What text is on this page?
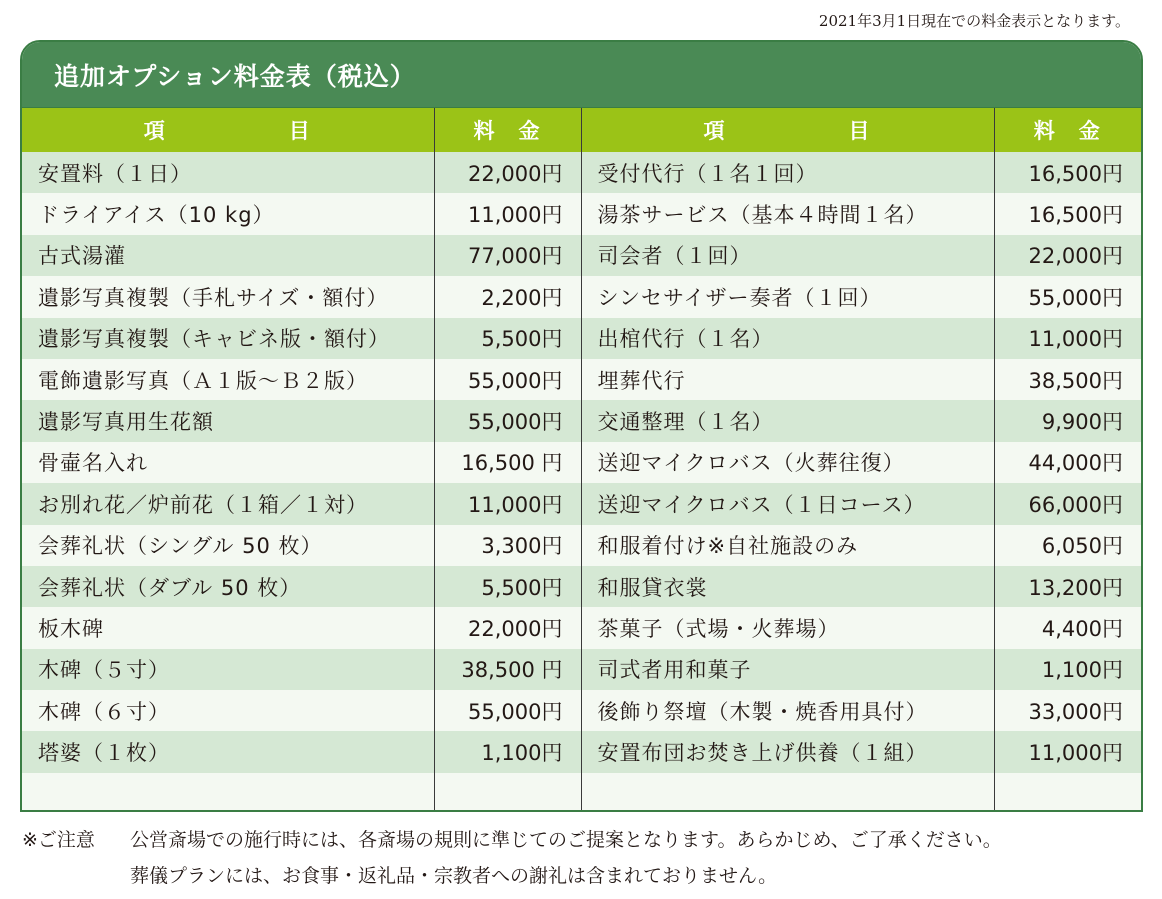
2021年3月1日現在での料金表示となります。
追加オプション料金表（税込）
項 目	料 金	項 目	料 金

安置料（１日）	22,000円	受付代行（１名１回）	16,500円
ドライアイス（10 kg）	11,000円	湯茶サービス（基本４時間１名）	16,500円
古式湯灌	77,000円	司会者（１回）	22,000円
遺影写真複製（手札サイズ・額付）	2,200円	シンセサイザー奏者（１回）	55,000円
遺影写真複製（キャビネ版・額付）	5,500円	出棺代行（１名）	11,000円
電飾遺影写真（Ａ１版〜Ｂ２版）	55,000円	埋葬代行	38,500円
遺影写真用生花額	55,000円	交通整理（１名）	9,900円
骨壷名入れ	16,500 円	送迎マイクロバス（火葬往復）	44,000円
お別れ花／炉前花（１箱／１対）	11,000円	送迎マイクロバス（１日コース）	66,000円
会葬礼状（シングル 50 枚）	3,300円	和服着付け※自社施設のみ	6,050円
会葬礼状（ダブル 50 枚）	5,500円	和服貸衣裳	13,200円
板木碑	22,000円	茶菓子（式場・火葬場）	4,400円
木碑（５寸）	38,500 円	司式者用和菓子	1,100円
木碑（６寸）	55,000円	後飾り祭壇（木製・焼香用具付）	33,000円
塔婆（１枚）	1,100円	安置布団お焚き上げ供養（１組）	11,000円

※ご注意	公営斎場での施行時には、各斎場の規則に準じてのご提案となります。あらかじめ、ご了承ください。
葬儀プランには、お食事・返礼品・宗教者への謝礼は含まれておりません。
